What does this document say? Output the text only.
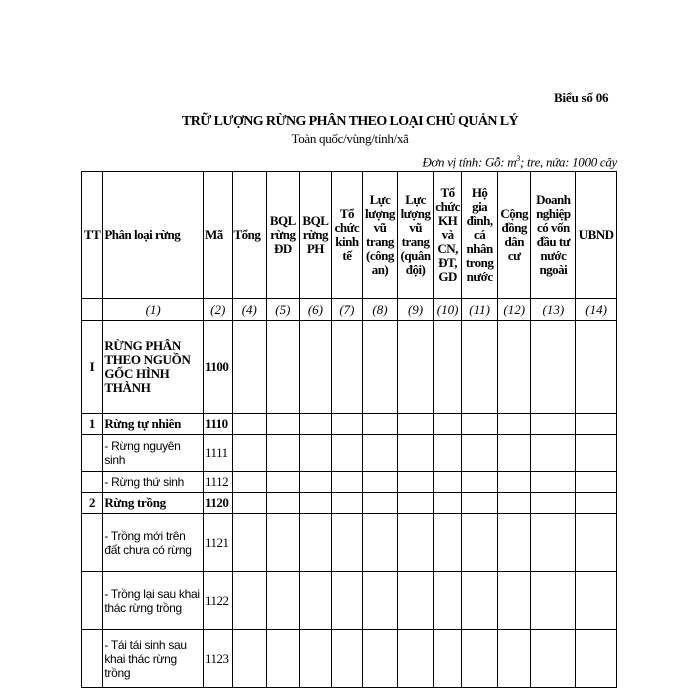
Biểu số 06
TRỮ LƯỢNG RỪNG PHÂN THEO LOẠI CHỦ QUẢN LÝ
Toàn quốc/vùng/tỉnh/xã
Đơn vị tính: Gỗ: $m^3$; tre, nứa: 1000 cây
TT	Phân loại rừng	Mã	Tổng	BQL rừng ĐD	BQL rừng PH	Tổ chức kinh tế	Lực lượng vũ trang (công an)	Lực lượng vũ trang (quân đội)	Tổ chức KH và CN, ĐT, GD	Hộ gia đình, cá nhân trong nước	Cộng đồng dân cư	Doanh nghiệp có vốn đầu tư nước ngoài	UBND
	(1)	(2)	(4)	(5)	(6)	(7)	(8)	(9)	(10)	(11)	(12)	(13)	(14)
I	RỪNG PHÂN THEO NGUỒN GỐC HÌNH THÀNH	1100											
1	Rừng tự nhiên	1110											
	- Rừng nguyên sinh	1111											
	- Rừng thứ sinh	1112											
2	Rừng trồng	1120											
	- Trồng mới trên đất chưa có rừng	1121											
	- Trồng lại sau khai thác rừng trồng	1122											
	- Tái tái sinh sau khai thác rừng trồng	1123											
